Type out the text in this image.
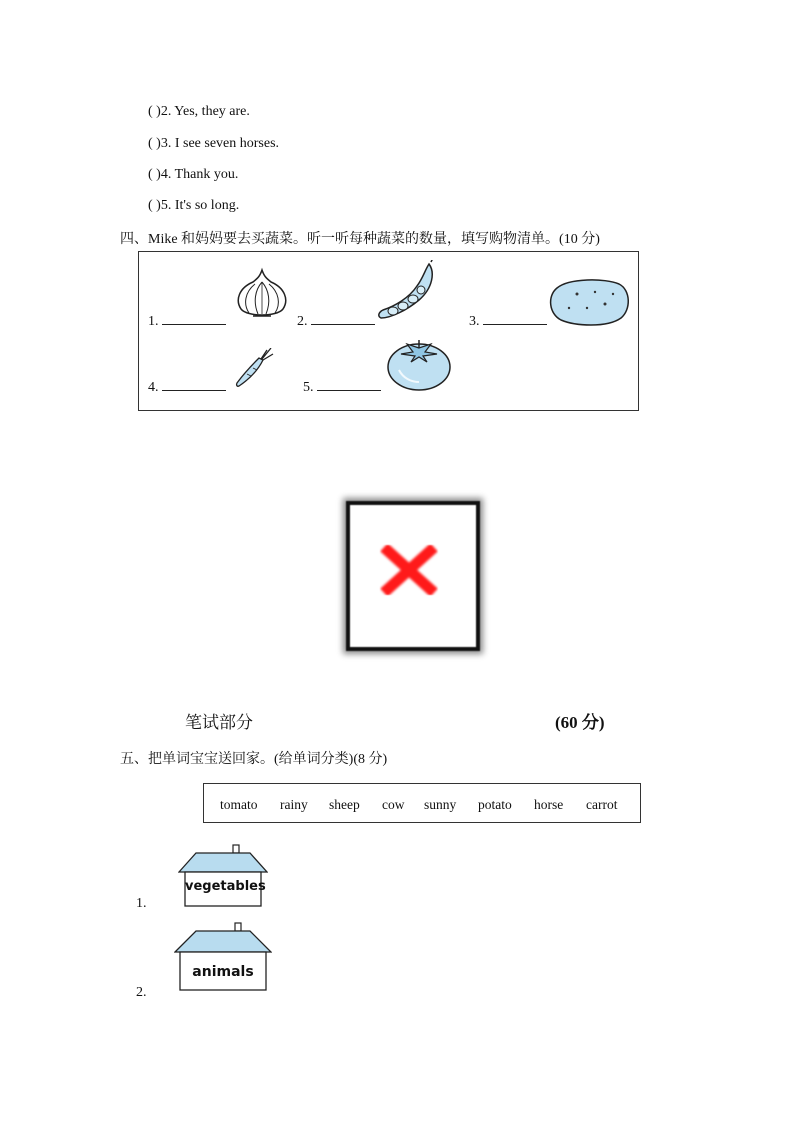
( )2. Yes, they are.
( )3. I see seven horses.
( )4. Thank you.
( )5. It's so long.
四、Mike 和妈妈要去买蔬菜。听一听每种蔬菜的数量，填写购物清单。(10 分)
1.	2.	3.
4.	5.
笔试部分	(60 分)
五、把单词宝宝送回家。(给单词分类)(8 分)
tomato rainy sheep cow sunny potato horse carrot
1.
vegetables
2.
animals
